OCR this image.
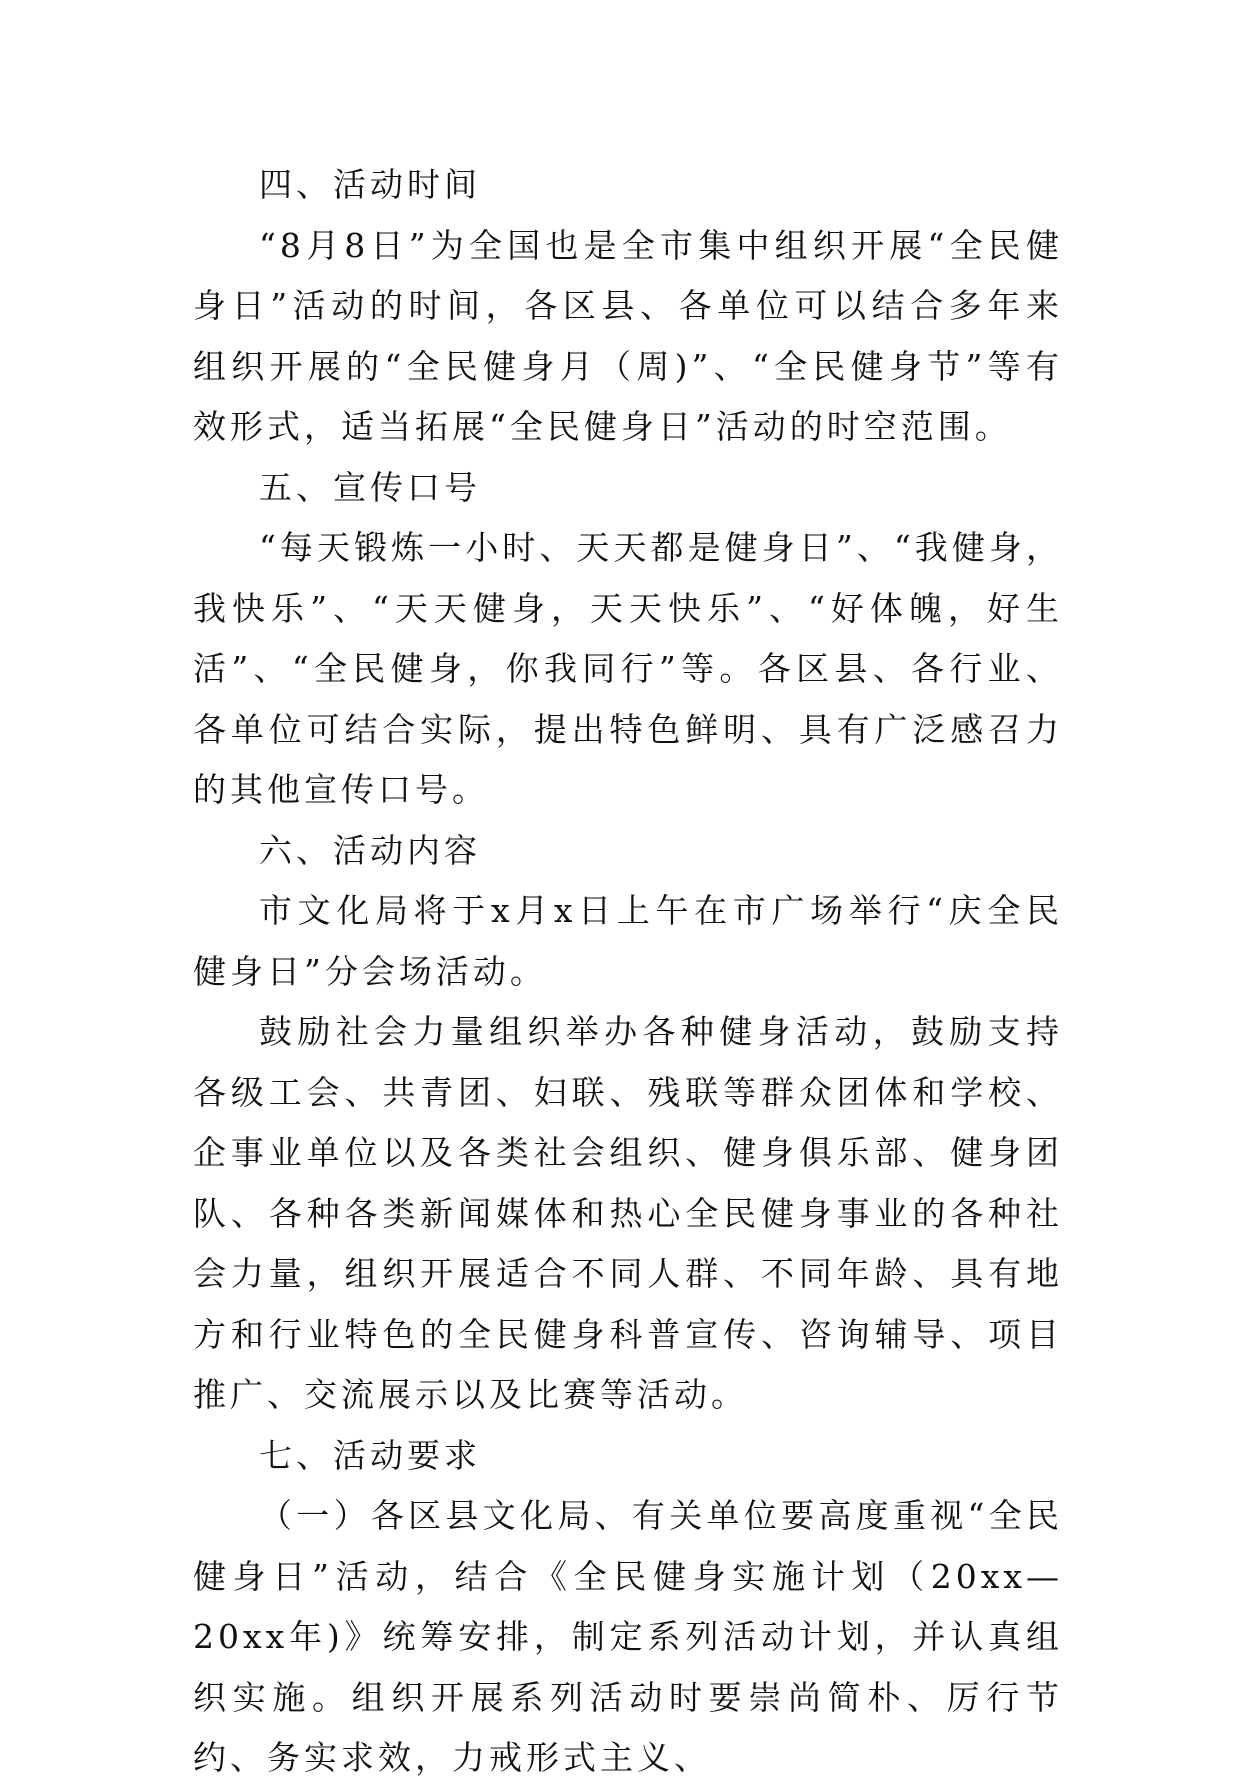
四、活动时间

“8月8日”为全国也是全市集中组织开展“全民健身日”活动的时间，各区县、各单位可以结合多年来组织开展的“全民健身月（周)”、“全民健身节”等有效形式，适当拓展“全民健身日”活动的时空范围。

五、宣传口号

“每天锻炼一小时、天天都是健身日”、“我健身，我快乐”、“天天健身，天天快乐”、“好体魄，好生活”、“全民健身，你我同行”等。各区县、各行业、各单位可结合实际，提出特色鲜明、具有广泛感召力的其他宣传口号。

六、活动内容

市文化局将于x月x日上午在市广场举行“庆全民健身日”分会场活动。

鼓励社会力量组织举办各种健身活动，鼓励支持各级工会、共青团、妇联、残联等群众团体和学校、企事业单位以及各类社会组织、健身俱乐部、健身团队、各种各类新闻媒体和热心全民健身事业的各种社会力量，组织开展适合不同人群、不同年龄、具有地方和行业特色的全民健身科普宣传、咨询辅导、项目推广、交流展示以及比赛等活动。

七、活动要求

（一）各区县文化局、有关单位要高度重视“全民健身日”活动，结合《全民健身实施计划（20xx—20xx年)》统筹安排，制定系列活动计划，并认真组织实施。组织开展系列活动时要崇尚简朴、厉行节约、务实求效，力戒形式主义、
